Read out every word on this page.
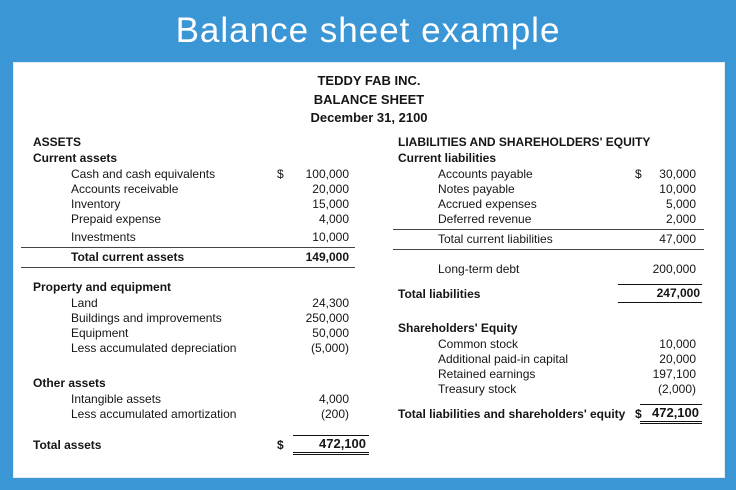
Balance sheet example
TEDDY FAB INC.
BALANCE SHEET
December 31, 2100
ASSETS
Current assets
Cash and cash equivalents	$	100,000
Accounts receivable	20,000
Inventory	15,000
Prepaid expense	4,000
Investments	10,000
Total current assets	149,000
Property and equipment
Land	24,300
Buildings and improvements	250,000
Equipment	50,000
Less accumulated depreciation	(5,000)
Other assets
Intangible assets	4,000
Less accumulated amortization	(200)
Total assets	$	472,100
LIABILITIES AND SHAREHOLDERS' EQUITY
Current liabilities
Accounts payable	$	30,000
Notes payable	10,000
Accrued expenses	5,000
Deferred revenue	2,000
Total current liabilities	47,000
Long-term debt	200,000
Total liabilities	247,000
Shareholders' Equity
Common stock	10,000
Additional paid-in capital	20,000
Retained earnings	197,100
Treasury stock	(2,000)
Total liabilities and shareholders' equity $ 472,100
